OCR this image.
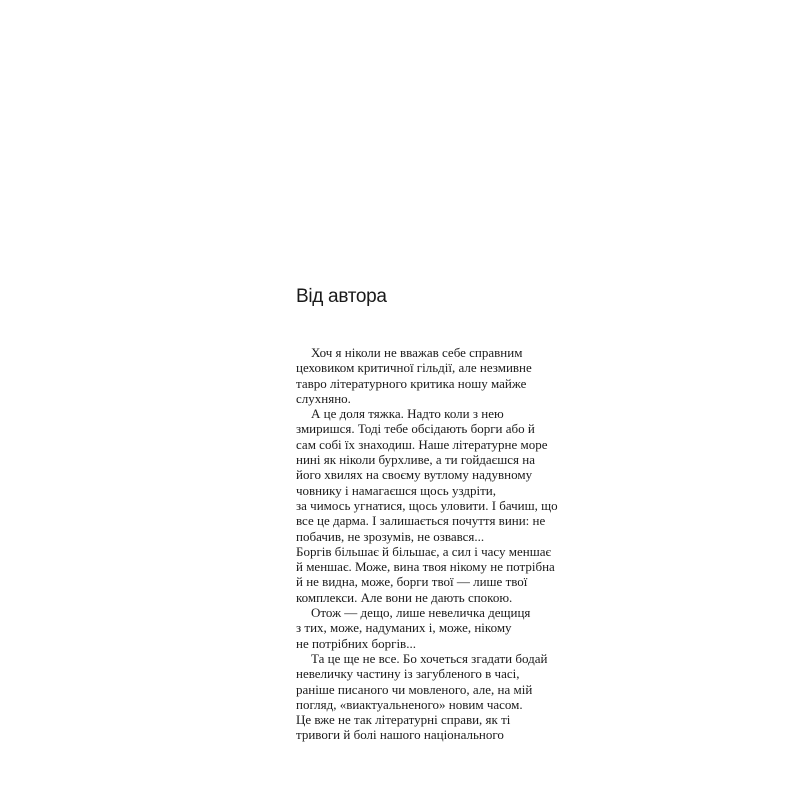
Від автора
Хоч я ніколи не вважав себе справним
цеховиком критичної гільдії, але незмивне
тавро літературного критика ношу майже
слухняно.
А це доля тяжка. Надто коли з нею
змиришся. Тоді тебе обсідають борги або й
сам собі їх знаходиш. Наше літературне море
нині як ніколи бурхливе, а ти гойдаєшся на
його хвилях на своєму вутлому надувному
човнику і намагаєшся щось уздріти,
за чимось угнатися, щось уловити. І бачиш, що
все це дарма. І залишається почуття вини: не
побачив, не зрозумів, не озвався...
Боргів більшає й більшає, а сил і часу меншає
й меншає. Може, вина твоя нікому не потрібна
й не видна, може, борги твої — лише твої
комплекси. Але вони не дають спокою.
Отож — дещо, лише невеличка дещиця
з тих, може, надуманих і, може, нікому
не потрібних боргів...
Та це ще не все. Бо хочеться згадати бодай
невеличку частину із загубленого в часі,
раніше писаного чи мовленого, але, на мій
погляд, «виактуальненого» новим часом.
Це вже не так літературні справи, як ті
тривоги й болі нашого національного
